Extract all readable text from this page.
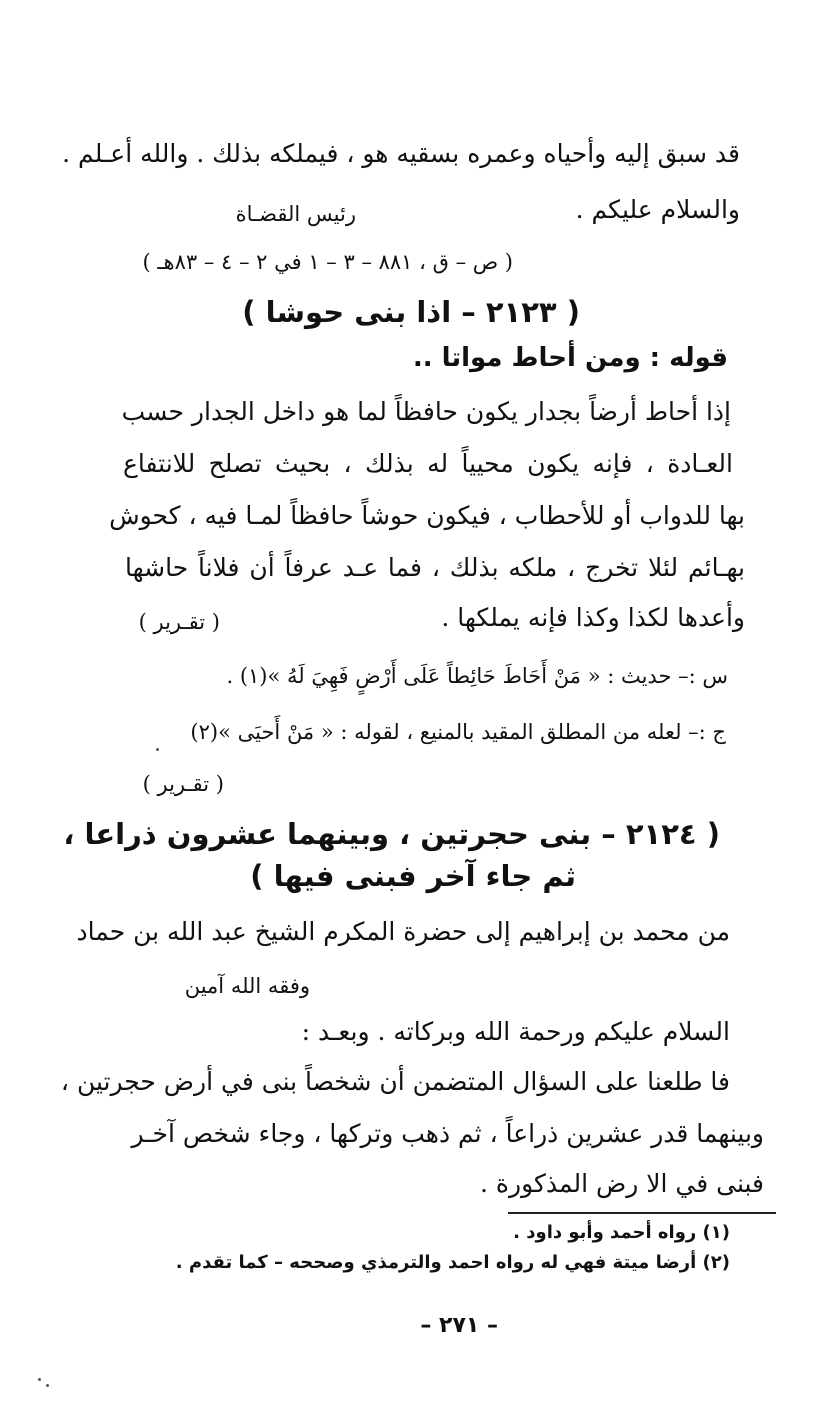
قد سبق إليه وأحياه وعمره بسقيه هو ، فيملكه بذلك . والله أعـلم .
والسلام عليكم .
رئيس القضـاة
( ص – ق ، ٨٨١ – ٣ – ١ في ٢ – ٤ – ٨٣هـ )
( ٢١٢٣ – اذا بنى حوشا )
قوله : ومن أحاط مواتا ..
إذا أحاط أرضاً بجدار يكون حافظاً لما هو داخل الجدار حسب
العـادة ، فإنه يكون محيياً له بذلك ، بحيث تصلح للانتفاع
بها للدواب أو للأحطاب ، فيكون حوشاً حافظاً لمـا فيه ، كحوش
بهـائم لئلا تخرج ، ملكه بذلك ، فما عـد عرفاً أن فلاناً حاشها
وأعدها لكذا وكذا فإنه يملكها .
( تقـرير )
س :– حديث : « مَنْ أَحَاطَ حَائِطاً عَلَى أَرْضٍ فَهِيَ لَهُ »(١) .
ج :– لعله من المطلق المقيد بالمنيع ، لقوله : « مَنْ أَحيَى »(٢)
( تقـرير )
( ٢١٢٤ – بنى حجرتين ، وبينهما عشرون ذراعا ،
ثم جاء آخر فبنى فيها )
من محمد بن إبراهيم إلى حضرة المكرم الشيخ عبد الله بن حماد
وفقه الله آمين
السلام عليكم ورحمة الله وبركاته . وبعـد :
فا طلعنا على السؤال المتضمن أن شخصاً بنى في أرض حجرتين ،
وبينهما قدر عشرين ذراعاً ، ثم ذهب وتركها ، وجاء شخص آخـر
فبنى في الا رض المذكورة .
(١) رواه أحمد وأبو داود .
(٢) أرضا ميتة فهي له رواه احمد والترمذي وصححه – كما تقدم .
– ٢٧١ –
